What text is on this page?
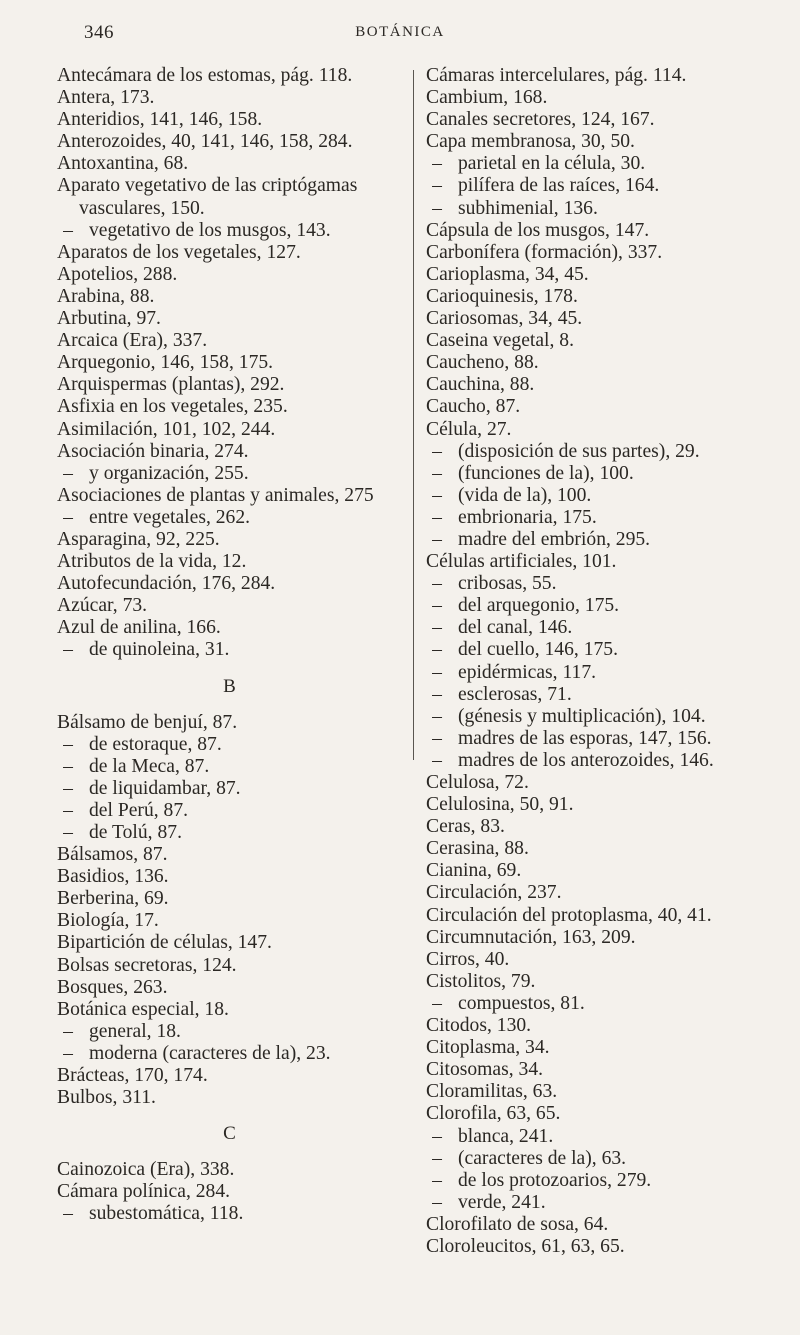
346	BOTÁNICA
Antecámara de los estomas, pág. 118.
Antera, 173.
Anteridios, 141, 146, 158.
Anterozoides, 40, 141, 146, 158, 284.
Antoxantina, 68.
Aparato vegetativo de las criptógamas
vasculares, 150.
– vegetativo de los musgos, 143.
Aparatos de los vegetales, 127.
Apotelios, 288.
Arabina, 88.
Arbutina, 97.
Arcaica (Era), 337.
Arquegonio, 146, 158, 175.
Arquispermas (plantas), 292.
Asfixia en los vegetales, 235.
Asimilación, 101, 102, 244.
Asociación binaria, 274.
– y organización, 255.
Asociaciones de plantas y animales, 275
– entre vegetales, 262.
Asparagina, 92, 225.
Atributos de la vida, 12.
Autofecundación, 176, 284.
Azúcar, 73.
Azul de anilina, 166.
– de quinoleina, 31.
B
Bálsamo de benjuí, 87.
– de estoraque, 87.
– de la Meca, 87.
– de liquidambar, 87.
– del Perú, 87.
– de Tolú, 87.
Bálsamos, 87.
Basidios, 136.
Berberina, 69.
Biología, 17.
Bipartición de células, 147.
Bolsas secretoras, 124.
Bosques, 263.
Botánica especial, 18.
– general, 18.
– moderna (caracteres de la), 23.
Brácteas, 170, 174.
Bulbos, 311.
C
Cainozoica (Era), 338.
Cámara polínica, 284.
– subestomática, 118.
Cámaras intercelulares, pág. 114.
Cambium, 168.
Canales secretores, 124, 167.
Capa membranosa, 30, 50.
– parietal en la célula, 30.
– pilífera de las raíces, 164.
– subhimenial, 136.
Cápsula de los musgos, 147.
Carbonífera (formación), 337.
Carioplasma, 34, 45.
Carioquinesis, 178.
Cariosomas, 34, 45.
Caseina vegetal, 8.
Caucheno, 88.
Cauchina, 88.
Caucho, 87.
Célula, 27.
– (disposición de sus partes), 29.
– (funciones de la), 100.
– (vida de la), 100.
– embrionaria, 175.
– madre del embrión, 295.
Células artificiales, 101.
– cribosas, 55.
– del arquegonio, 175.
– del canal, 146.
– del cuello, 146, 175.
– epidérmicas, 117.
– esclerosas, 71.
– (génesis y multiplicación), 104.
– madres de las esporas, 147, 156.
– madres de los anterozoides, 146.
Celulosa, 72.
Celulosina, 50, 91.
Ceras, 83.
Cerasina, 88.
Cianina, 69.
Circulación, 237.
Circulación del protoplasma, 40, 41.
Circumnutación, 163, 209.
Cirros, 40.
Cistolitos, 79.
– compuestos, 81.
Citodos, 130.
Citoplasma, 34.
Citosomas, 34.
Cloramilitas, 63.
Clorofila, 63, 65.
– blanca, 241.
– (caracteres de la), 63.
– de los protozoarios, 279.
– verde, 241.
Clorofilato de sosa, 64.
Cloroleucitos, 61, 63, 65.
